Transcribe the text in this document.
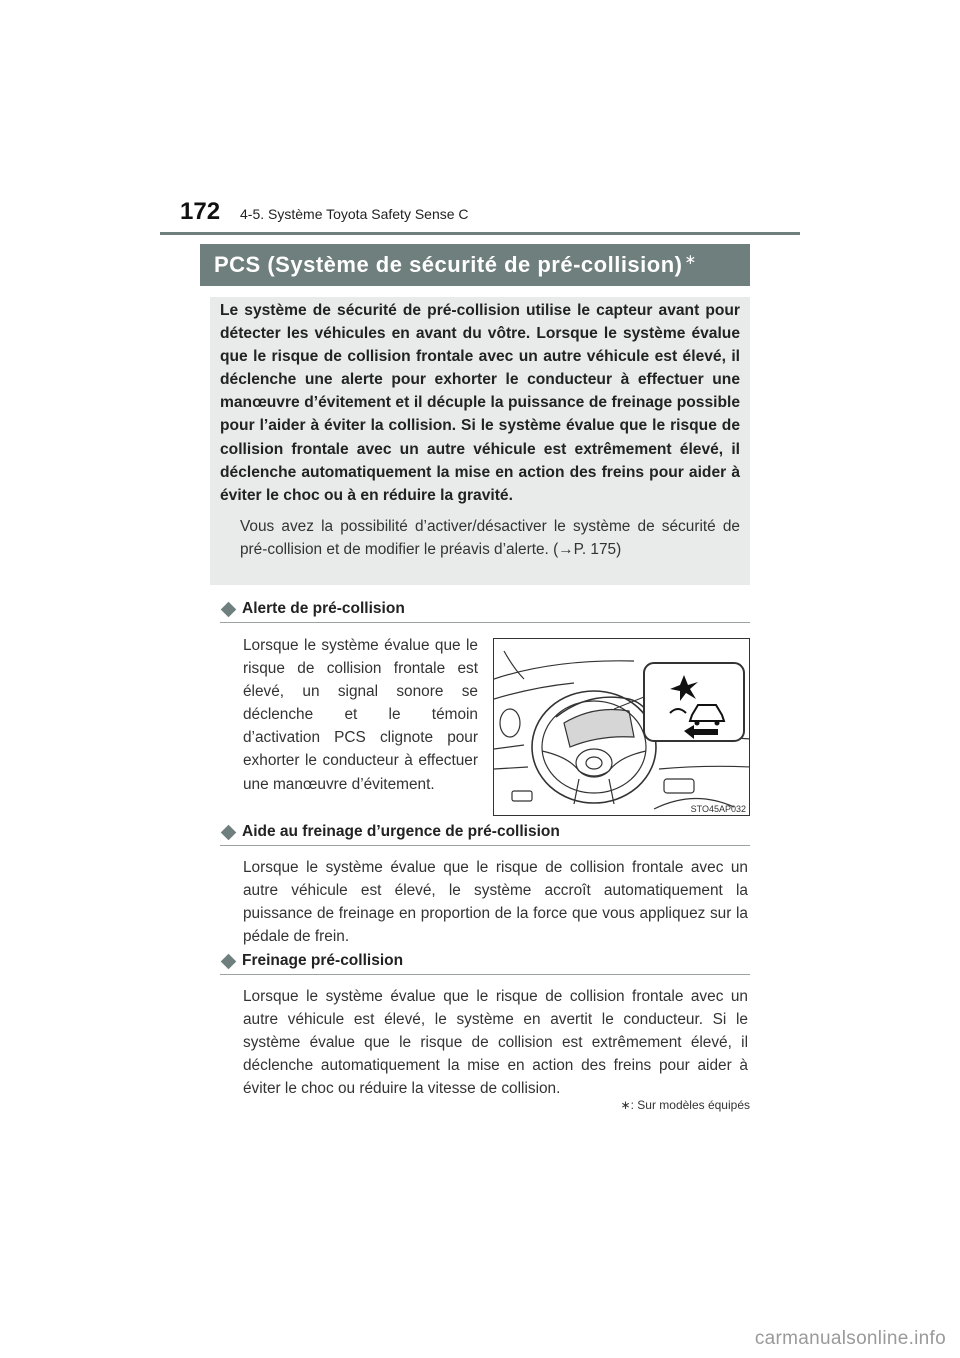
172 4-5. Système Toyota Safety Sense C
PCS (Système de sécurité de pré-collision) ∗

Le système de sécurité de pré-collision utilise le capteur avant pour détecter les véhicules en avant du vôtre. Lorsque le système évalue que le risque de collision frontale avec un autre véhicule est élevé, il déclenche une alerte pour exhorter le conducteur à effectuer une manœuvre d’évitement et il décuple la puissance de freinage possible pour l’aider à éviter la collision. Si le système évalue que le risque de collision frontale avec un autre véhicule est extrêmement élevé, il déclenche automatiquement la mise en action des freins pour aider à éviter le choc ou à en réduire la gravité.

Vous avez la possibilité d’activer/désactiver le système de sécurité de pré-collision et de modifier le préavis d’alerte. (→P. 175)

Alerte de pré-collision

Lorsque le système évalue que le risque de collision frontale est élevé, un signal sonore se déclenche et le témoin d’activation PCS clignote pour exhorter le conducteur à effectuer une manœuvre d’évitement.

STO45AP032
Aide au freinage d’urgence de pré-collision

Lorsque le système évalue que le risque de collision frontale avec un autre véhicule est élevé, le système accroît automatiquement la puissance de freinage en proportion de la force que vous appliquez sur la pédale de frein.

Freinage pré-collision

Lorsque le système évalue que le risque de collision frontale avec un autre véhicule est élevé, le système en avertit le conducteur. Si le système évalue que le risque de collision est extrêmement élevé, il déclenche automatiquement la mise en action des freins pour aider à éviter le choc ou réduire la vitesse de collision.

∗: Sur modèles équipés
carmanualsonline.info
